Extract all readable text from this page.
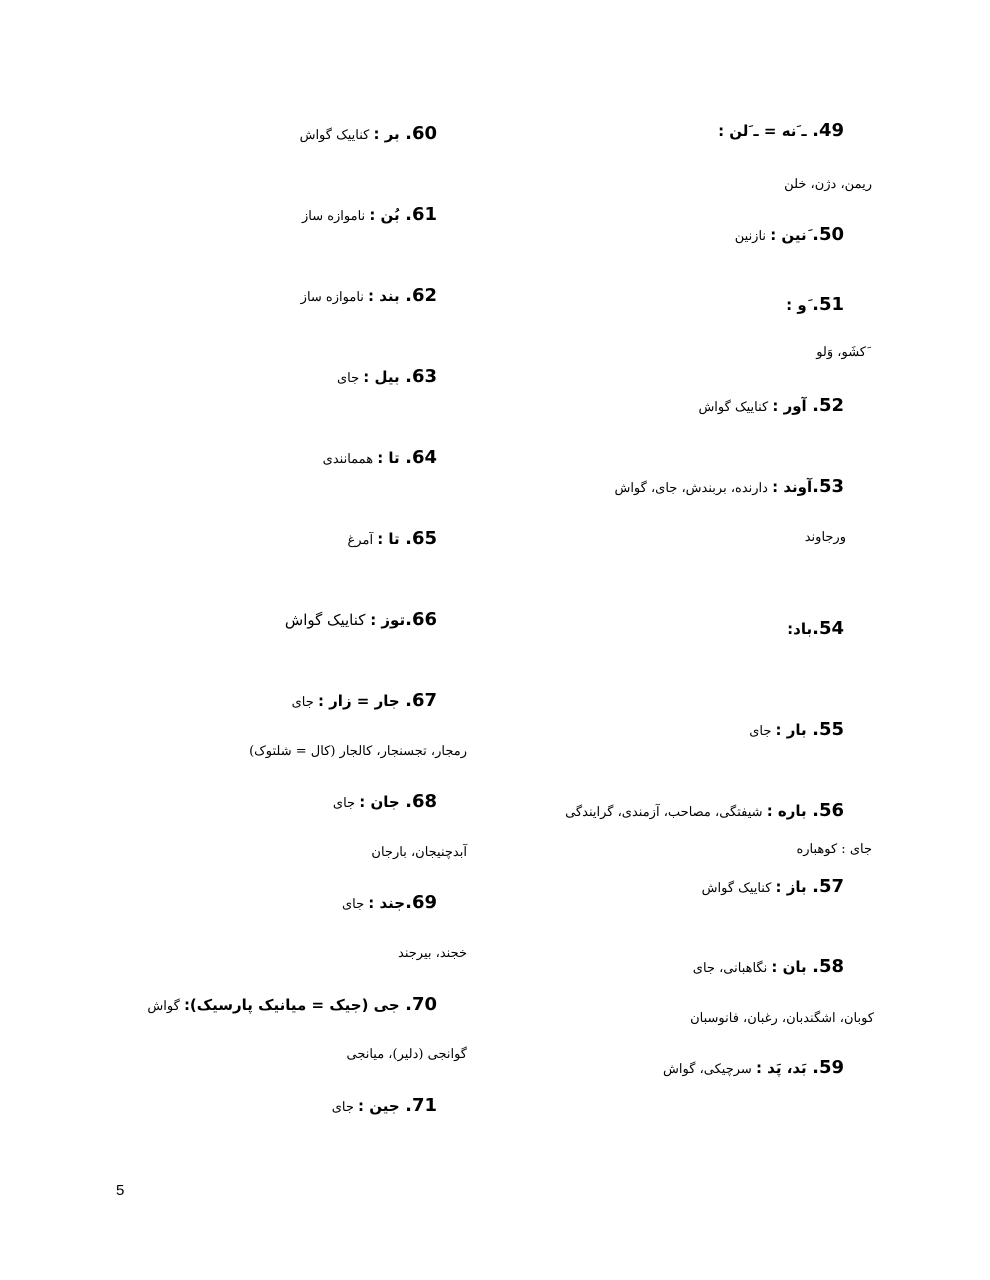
49. ـ َنه = ـ َلن :
ریمن، دژن، خلن
50. َنین : نازنین
51. َو :
َکشَو، وَلو
52. آور : کناییک گواش
53.آوند : دارنده، بربندش، جای، گواش
ورجاوند
54.باد:
55. بار : جای
56. باره : شیفتگی، مصاحب، آزمندی، گرایندگی
جای : کوهباره
57. باز : کناییک گواش
58. بان : نگاهبانی، جای
کوبان، اشگندبان، رغبان، فانوسبان
59. بَد، پَد : سرچیکی، گواش
60. بر : کناییک گواش
61. بُن : ناموازه ساز
62. بند : ناموازه ساز
63. بیل : جای
64. تا : هممانندی
65. تا : آمرغ
66.توز : کناییک گواش
67. جار = زار : جای
رمجار، تجسنجار، کالجار (کال = شلتوک)
68. جان : جای
آبدچنیجان، بارجان
69.جند : جای
خجند، بیرجند
70. جی (جیک = میانیک پارسیک): گواش
گوانجی (دلیر)، میانجی
71. جین : جای
5
